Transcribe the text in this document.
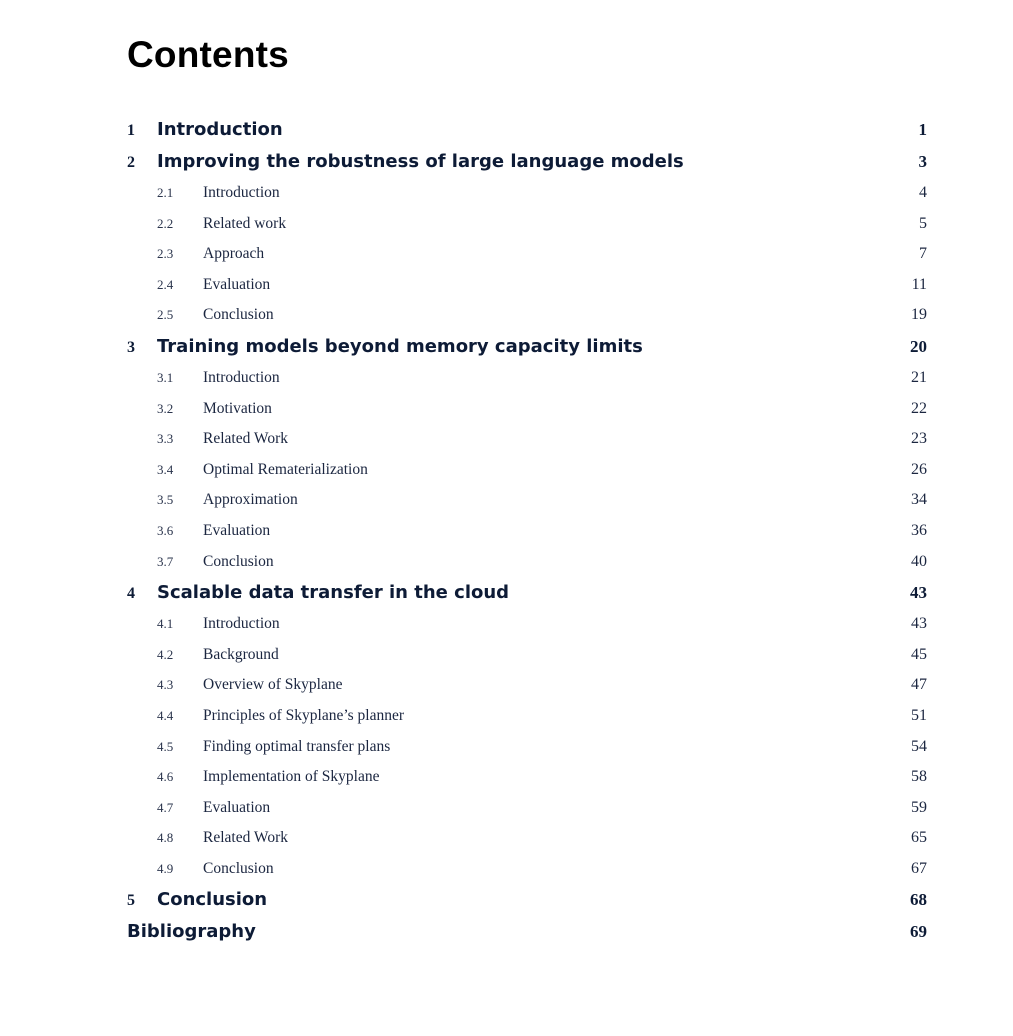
Contents
1	Introduction	1
2	Improving the robustness of large language models	3
2.1	Introduction . . .	4
2.2	Related work . . .	5
2.3	Approach . . .	7
2.4	Evaluation . . .	11
2.5	Conclusion . . .	19
3	Training models beyond memory capacity limits	20
3.1	Introduction . . .	21
3.2	Motivation . . .	22
3.3	Related Work . . .	23
3.4	Optimal Rematerialization . . .	26
3.5	Approximation . . .	34
3.6	Evaluation . . .	36
3.7	Conclusion . . .	40
4	Scalable data transfer in the cloud	43
4.1	Introduction . . .	43
4.2	Background . . .	45
4.3	Overview of Skyplane . . .	47
4.4	Principles of Skyplane’s planner . . .	51
4.5	Finding optimal transfer plans . . .	54
4.6	Implementation of Skyplane . . .	58
4.7	Evaluation . . .	59
4.8	Related Work . . .	65
4.9	Conclusion . . .	67
5	Conclusion	68
Bibliography	69
